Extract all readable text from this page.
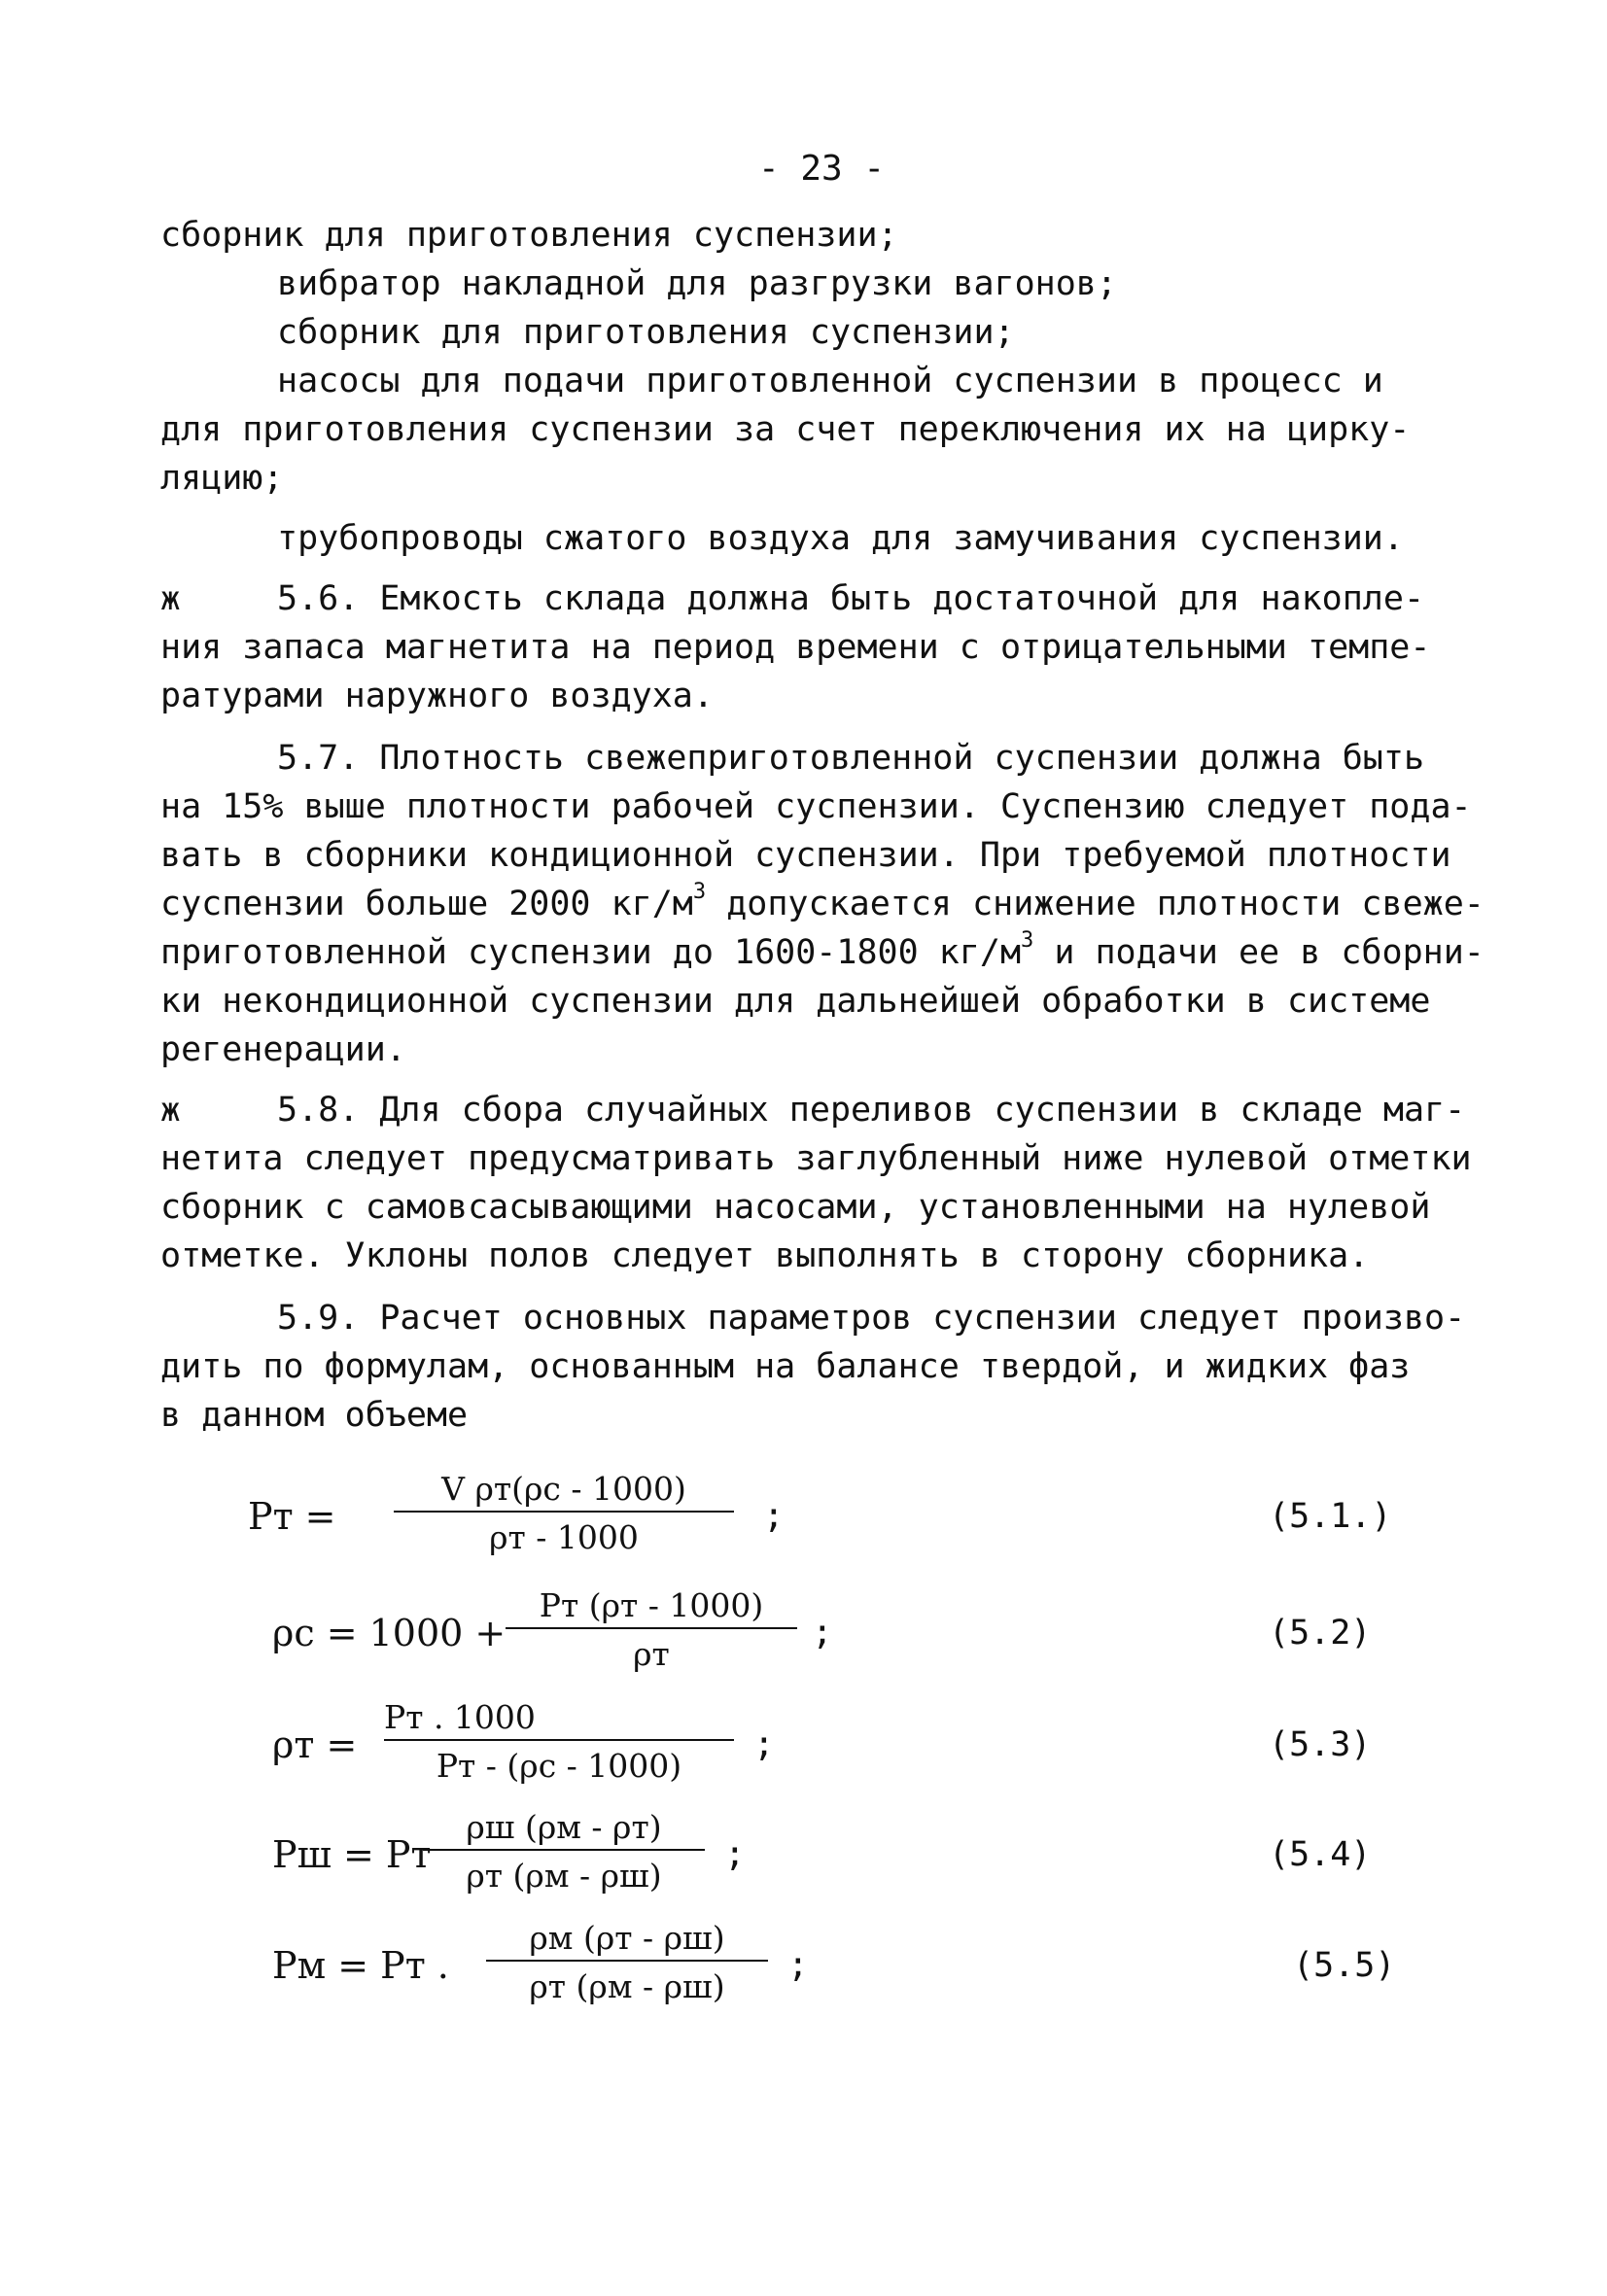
- 23 -
сборник для приготовления суспензии;
вибратор накладной для разгрузки вагонов;
сборник для приготовления суспензии;
насосы для подачи приготовленной суспензии в процесс и
для приготовления суспензии за счет переключения их на цирку-
ляцию;
трубопроводы сжатого воздуха для замучивания суспензии.
ж	5.6. Емкость склада должна быть достаточной для накопле-
ния запаса магнетита на период времени с отрицательными темпе-
ратурами наружного воздуха.
5.7. Плотность свежеприготовленной суспензии должна быть
на 15% выше плотности рабочей суспензии. Суспензию следует пода-
вать в сборники кондиционной суспензии. При требуемой плотности
суспензии больше 2000 $кг/м^3$ допускается снижение плотности свеже-
приготовленной суспензии до 1600-1800 $кг/м^3$ и подачи ее в сборни-
ки некондиционной суспензии для дальнейшей обработки в системе
регенерации.
ж	5.8. Для сбора случайных переливов суспензии в складе маг-
нетита следует предусматривать заглубленный ниже нулевой отметки
сборник с самовсасывающими насосами, установленными на нулевой
отметке. Уклоны полов следует выполнять в сторону сборника.
5.9. Расчет основных параметров суспензии следует произво-
дить по формулам, основанным на балансе твердой, и жидких фаз
в данном объеме
Pт =
V ρт(ρс - 1000)
ρт - 1000
;	(5.1.)
ρс = 1000 +
Pт (ρт - 1000)
ρт
;	(5.2)
ρт =
Pт . 1000
Pт - (ρс - 1000)
;	(5.3)
Pш = Pт
ρш (ρм - ρт)
ρт (ρм - ρш)
;	(5.4)
Pм = Pт .
ρм (ρт - ρш)
ρт (ρм - ρш)
;	(5.5)
